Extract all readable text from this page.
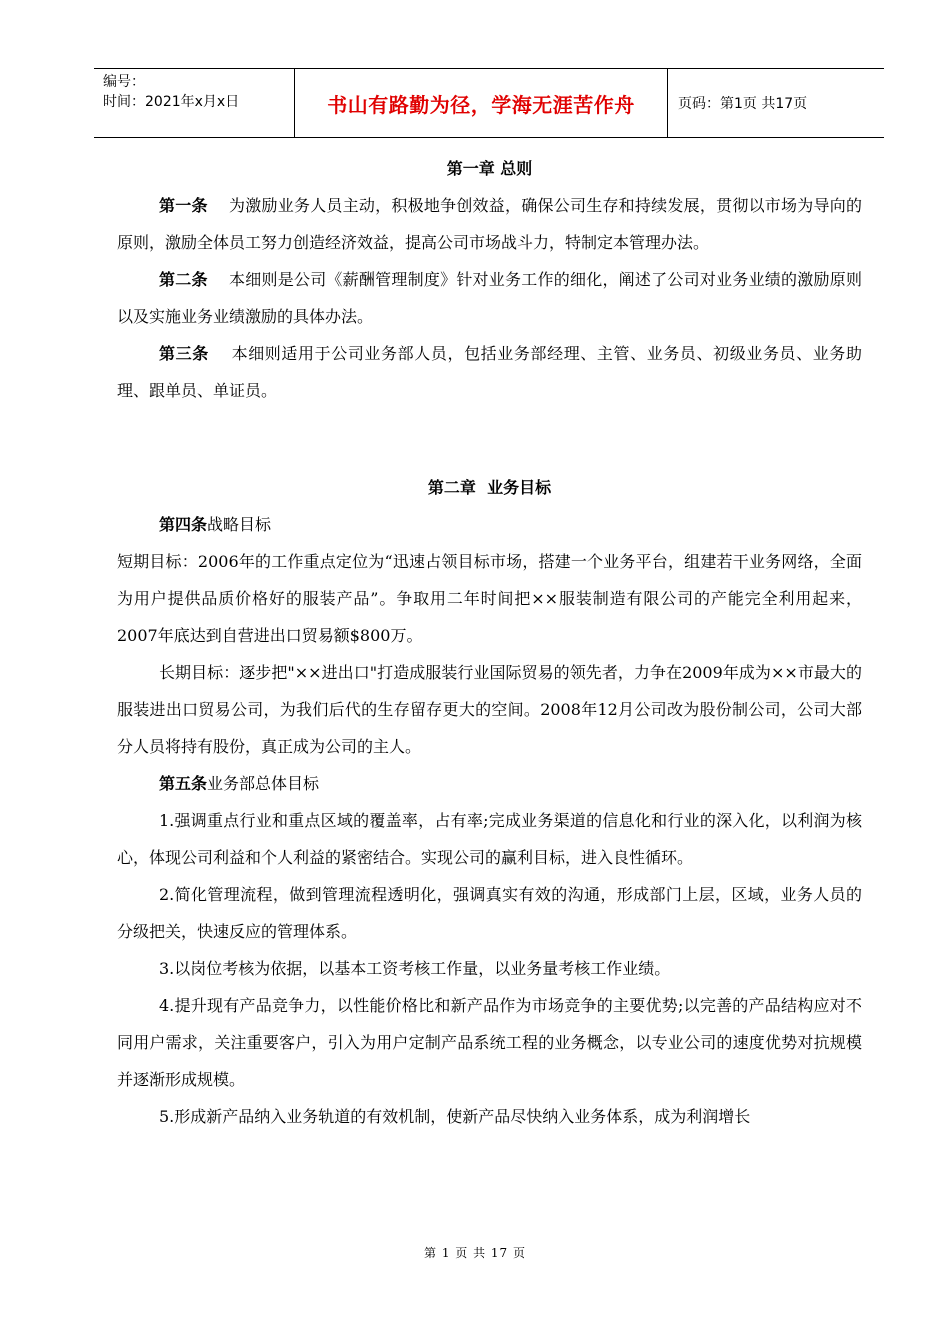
编号：
时间：2021年x月x日	书山有路勤为径，学海无涯苦作舟	页码：第1页 共17页

第一章 总则

第一条    为激励业务人员主动，积极地争创效益，确保公司生存和持续发展，贯彻以市场为导向的原则，激励全体员工努力创造经济效益，提高公司市场战斗力，特制定本管理办法。

第二条    本细则是公司《薪酬管理制度》针对业务工作的细化，阐述了公司对业务业绩的激励原则以及实施业务业绩激励的具体办法。

第三条    本细则适用于公司业务部人员，包括业务部经理、主管、业务员、初级业务员、业务助理、跟单员、单证员。

第二章  业务目标

第四条战略目标

短期目标：2006年的工作重点定位为“迅速占领目标市场，搭建一个业务平台，组建若干业务网络，全面为用户提供品质价格好的服装产品”。争取用二年时间把××服装制造有限公司的产能完全利用起来，2007年底达到自营进出口贸易额$800万。

长期目标：逐步把"××进出口"打造成服装行业国际贸易的领先者，力争在2009年成为××市最大的服装进出口贸易公司，为我们后代的生存留存更大的空间。2008年12月公司改为股份制公司，公司大部分人员将持有股份，真正成为公司的主人。

第五条业务部总体目标

1.强调重点行业和重点区域的覆盖率，占有率;完成业务渠道的信息化和行业的深入化，以利润为核心，体现公司利益和个人利益的紧密结合。实现公司的赢利目标，进入良性循环。

2.简化管理流程，做到管理流程透明化，强调真实有效的沟通，形成部门上层，区域，业务人员的分级把关，快速反应的管理体系。

3.以岗位考核为依据，以基本工资考核工作量，以业务量考核工作业绩。

4.提升现有产品竞争力，以性能价格比和新产品作为市场竞争的主要优势;以完善的产品结构应对不同用户需求，关注重要客户，引入为用户定制产品系统工程的业务概念，以专业公司的速度优势对抗规模并逐渐形成规模。

5.形成新产品纳入业务轨道的有效机制，使新产品尽快纳入业务体系，成为利润增长

第 1 页 共 17 页
